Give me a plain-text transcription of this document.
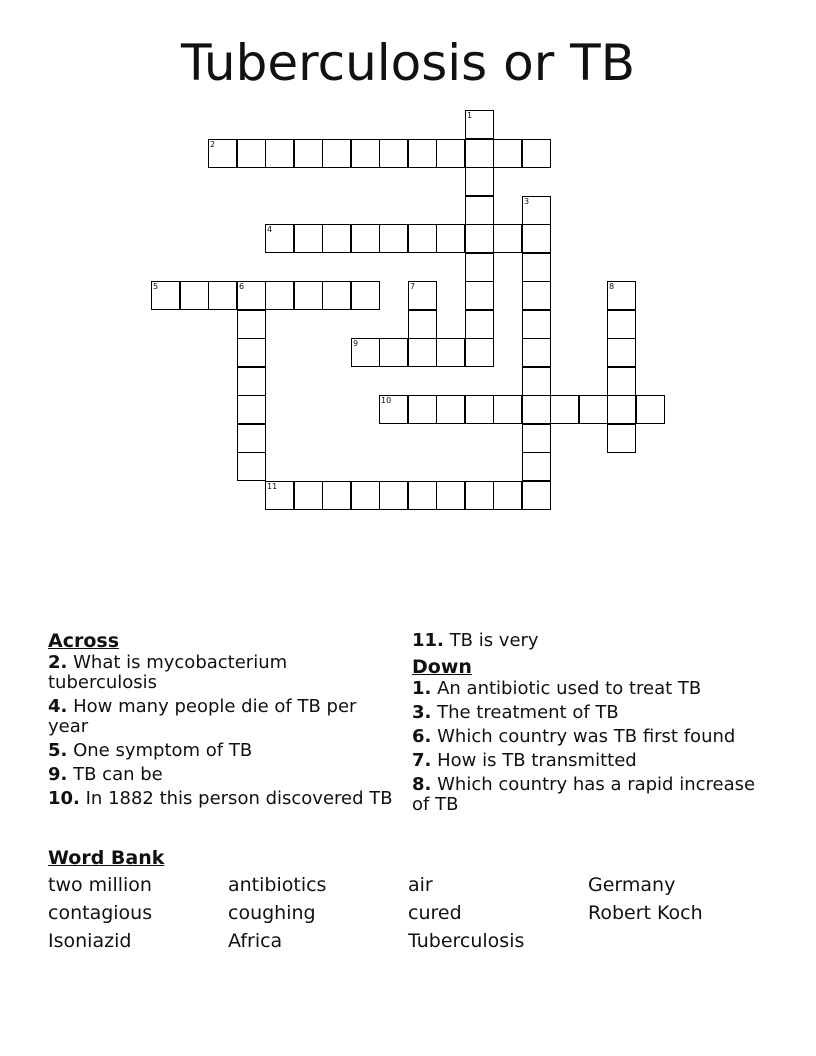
Tuberculosis or TB
1
2
3
4
5	6	7	8
9
10
11
Across
2. What is mycobacterium tuberculosis
4. How many people die of TB per year
5. One symptom of TB
9. TB can be
10. In 1882 this person discovered TB
11. TB is very
Down
1. An antibiotic used to treat TB
3. The treatment of TB
6. Which country was TB first found
7. How is TB transmitted
8. Which country has a rapid increase of TB
Word Bank
two million	antibiotics	air	Germany
contagious	coughing	cured	Robert Koch
Isoniazid	Africa	Tuberculosis
